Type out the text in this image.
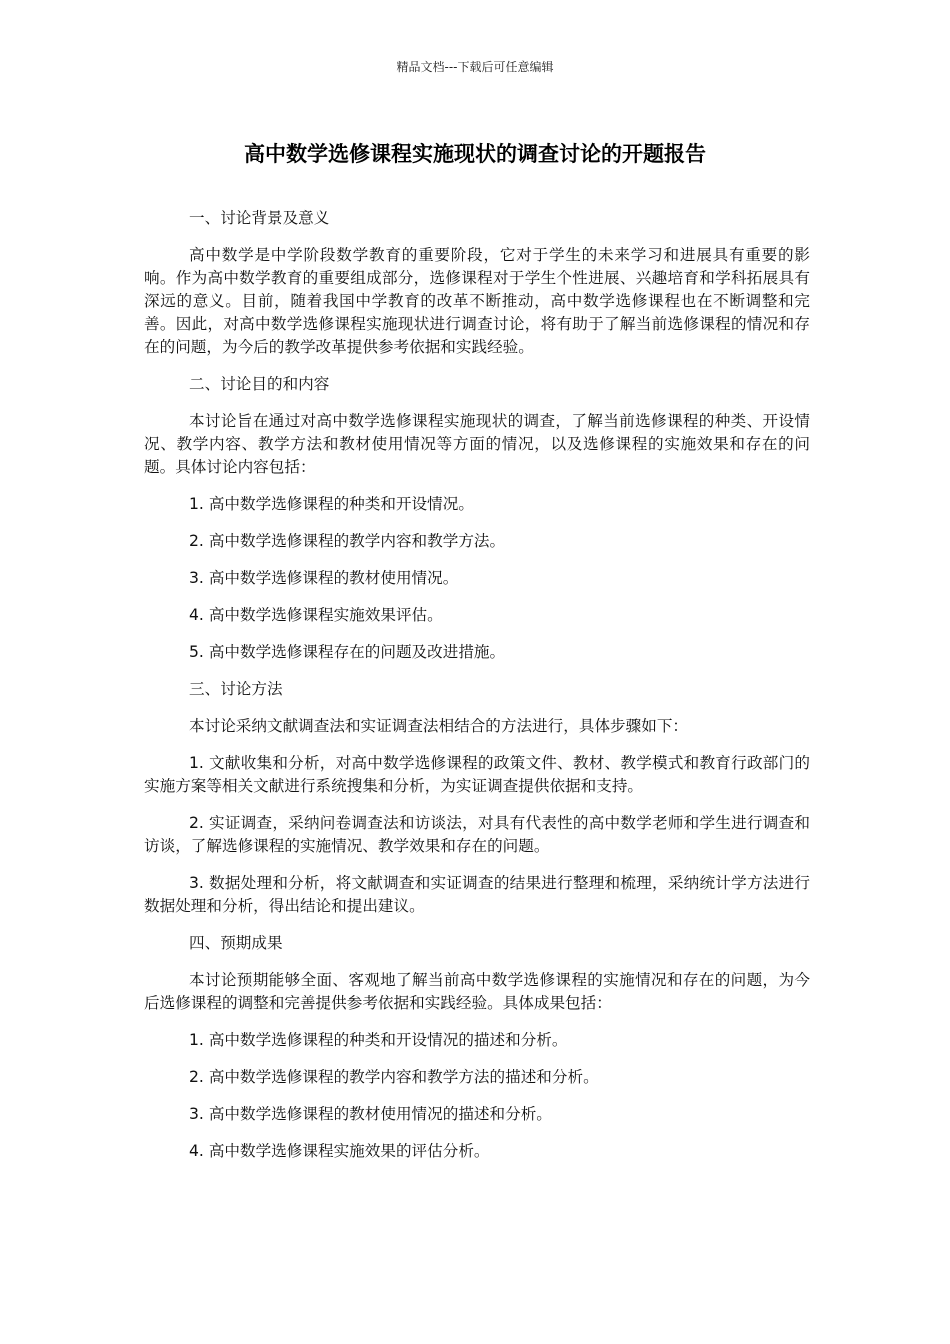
精品文档---下载后可任意编辑
高中数学选修课程实施现状的调查讨论的开题报告

一、讨论背景及意义

高中数学是中学阶段数学教育的重要阶段，它对于学生的未来学习和进展具有重要的影响。作为高中数学教育的重要组成部分，选修课程对于学生个性进展、兴趣培育和学科拓展具有深远的意义。目前，随着我国中学教育的改革不断推动，高中数学选修课程也在不断调整和完善。因此，对高中数学选修课程实施现状进行调查讨论，将有助于了解当前选修课程的情况和存在的问题，为今后的教学改革提供参考依据和实践经验。

二、讨论目的和内容

本讨论旨在通过对高中数学选修课程实施现状的调查，了解当前选修课程的种类、开设情况、教学内容、教学方法和教材使用情况等方面的情况，以及选修课程的实施效果和存在的问题。具体讨论内容包括：

1. 高中数学选修课程的种类和开设情况。

2. 高中数学选修课程的教学内容和教学方法。

3. 高中数学选修课程的教材使用情况。

4. 高中数学选修课程实施效果评估。

5. 高中数学选修课程存在的问题及改进措施。

三、讨论方法

本讨论采纳文献调查法和实证调查法相结合的方法进行，具体步骤如下：

1. 文献收集和分析，对高中数学选修课程的政策文件、教材、教学模式和教育行政部门的实施方案等相关文献进行系统搜集和分析，为实证调查提供依据和支持。

2. 实证调查，采纳问卷调查法和访谈法，对具有代表性的高中数学老师和学生进行调查和访谈，了解选修课程的实施情况、教学效果和存在的问题。

3. 数据处理和分析，将文献调查和实证调查的结果进行整理和梳理，采纳统计学方法进行数据处理和分析，得出结论和提出建议。

四、预期成果

本讨论预期能够全面、客观地了解当前高中数学选修课程的实施情况和存在的问题，为今后选修课程的调整和完善提供参考依据和实践经验。具体成果包括：

1. 高中数学选修课程的种类和开设情况的描述和分析。

2. 高中数学选修课程的教学内容和教学方法的描述和分析。

3. 高中数学选修课程的教材使用情况的描述和分析。

4. 高中数学选修课程实施效果的评估分析。
